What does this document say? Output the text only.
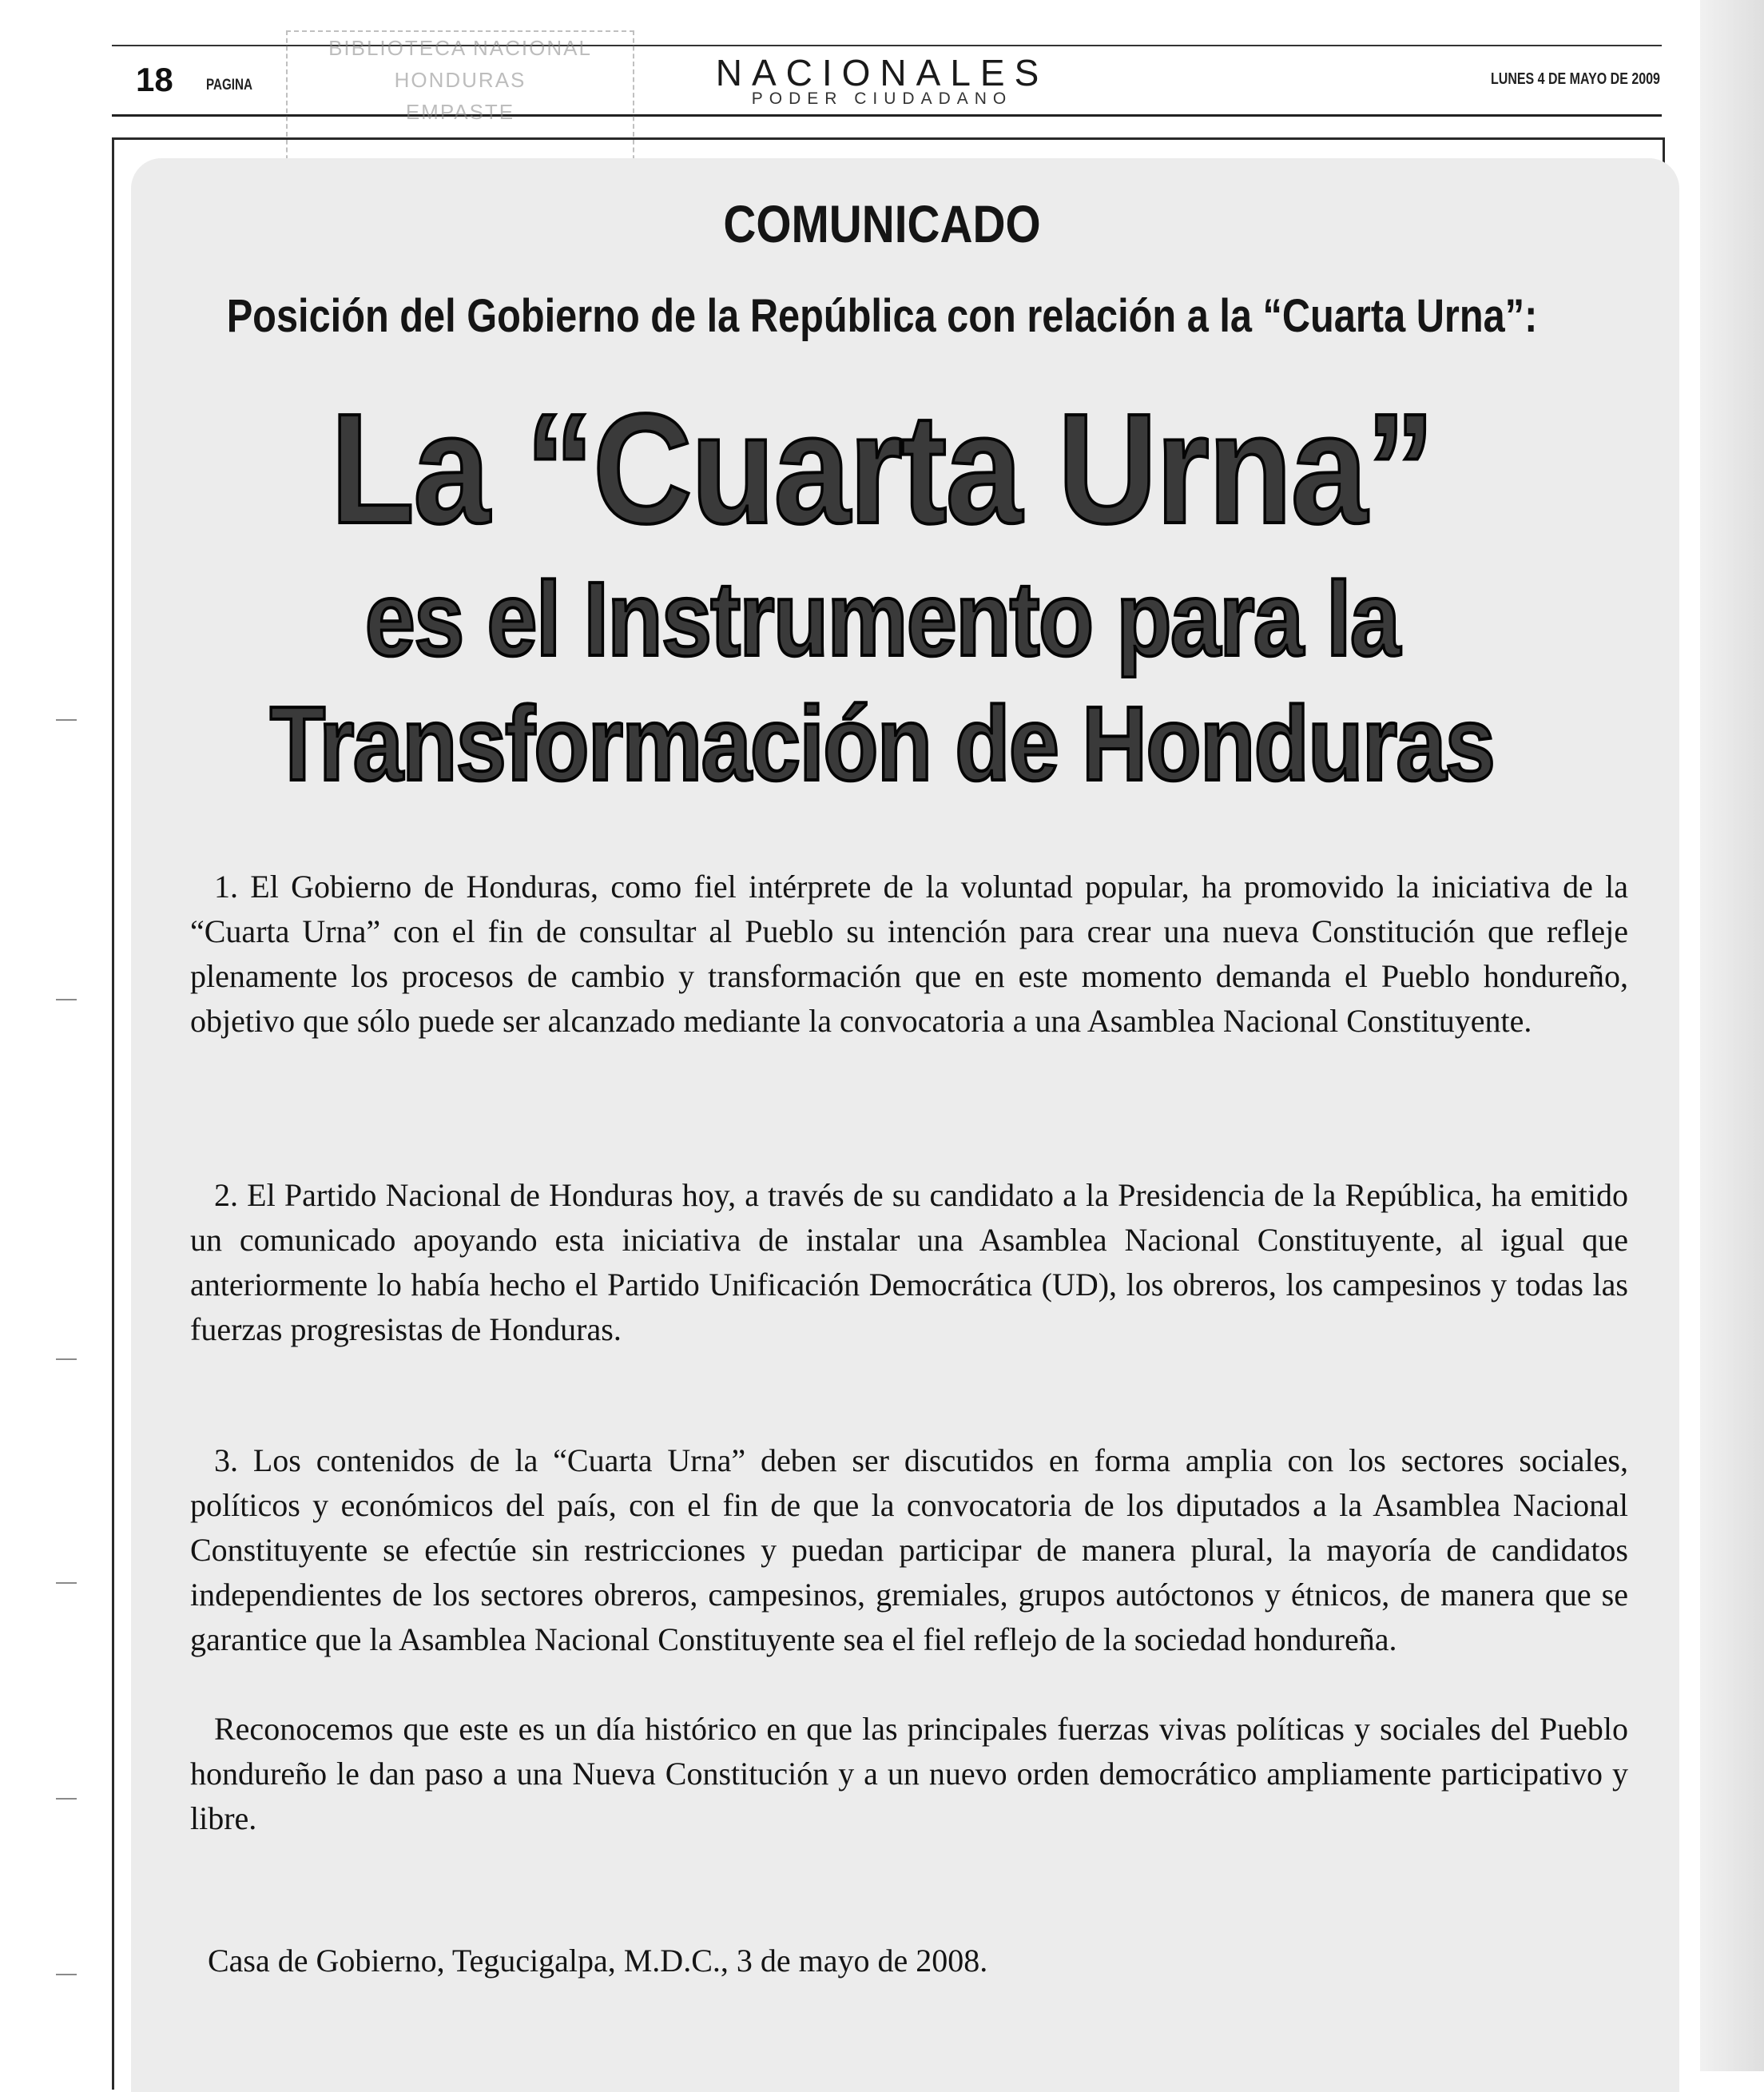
18 PAGINA	NACIONALES
PODER CIUDADANO
LUNES 4 DE MAYO DE 2009
BIBLIOTECA NACIONAL
HONDURAS
EMPASTE
COMUNICADO
Posición del Gobierno de la República con relación a la “Cuarta Urna”:
La “Cuarta Urna”
es el Instrumento para la
Transformación de Honduras

1. El Gobierno de Honduras, como fiel intérprete de la voluntad popular, ha promovido la iniciativa de la “Cuarta Urna” con el fin de consultar al Pueblo su intención para crear una nueva Constitución que refleje plenamente los procesos de cambio y transformación que en este momento demanda el Pueblo hondureño, objetivo que sólo puede ser alcanzado mediante la convocatoria a una Asamblea Nacional Constituyente.

2. El Partido Nacional de Honduras hoy, a través de su candidato a la Presidencia de la República, ha emitido un comunicado apoyando esta iniciativa de instalar una Asamblea Nacional Constituyente, al igual que anteriormente lo había hecho el Partido Unificación Democrática (UD), los obreros, los campesinos y todas las fuerzas progresistas de Honduras.

3. Los contenidos de la “Cuarta Urna” deben ser discutidos en forma amplia con los sectores sociales, políticos y económicos del país, con el fin de que la convocatoria de los diputados a la Asamblea Nacional Constituyente se efectúe sin restricciones y puedan participar de manera plural, la mayoría de candidatos independientes de los sectores obreros, campesinos, gremiales, grupos autóctonos y étnicos, de manera que se garantice que la Asamblea Nacional Constituyente sea el fiel reflejo de la sociedad hondureña.

Reconocemos que este es un día histórico en que las principales fuerzas vivas políticas y sociales del Pueblo hondureño le dan paso a una Nueva Constitución y a un nuevo orden democrático ampliamente participativo y libre.

Casa de Gobierno, Tegucigalpa, M.D.C., 3 de mayo de 2008.
